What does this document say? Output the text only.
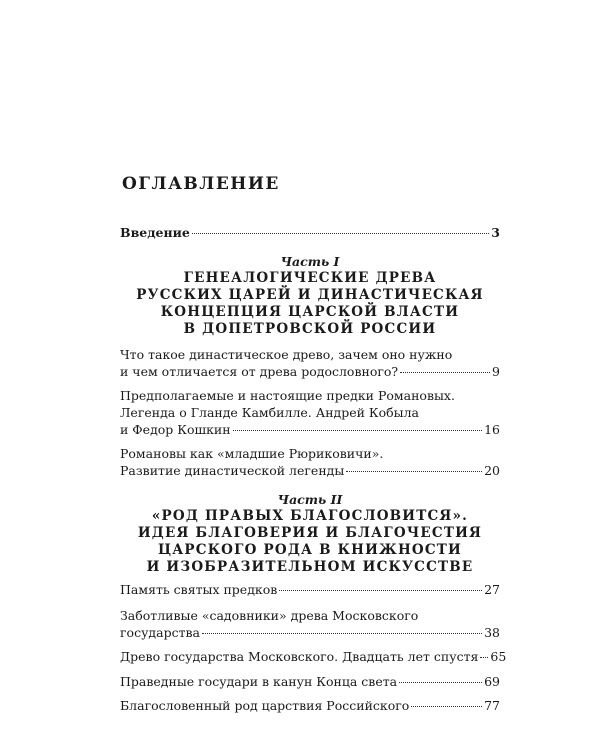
ОГЛАВЛЕНИЕ
Введение	3
Часть I
ГЕНЕАЛОГИЧЕСКИЕ ДРЕВА
РУССКИХ ЦАРЕЙ И ДИНАСТИЧЕСКАЯ
КОНЦЕПЦИЯ ЦАРСКОЙ ВЛАСТИ
В ДОПЕТРОВСКОЙ РОССИИ
Что такое династическое древо, зачем оно нужно
и чем отличается от древа родословного?	9
Предполагаемые и настоящие предки Романовых.
Легенда о Гланде Камбилле. Андрей Кобыла
и Федор Кошкин	16
Романовы как «младшие Рюриковичи».
Развитие династической легенды	20
Часть II
«РОД ПРАВЫХ БЛАГОСЛОВИТСЯ».
ИДЕЯ БЛАГОВЕРИЯ И БЛАГОЧЕСТИЯ
ЦАРСКОГО РОДА В КНИЖНОСТИ
И ИЗОБРАЗИТЕЛЬНОМ ИСКУССТВЕ
Память святых предков	27
Заботливые «садовники» древа Московского
государства	38
Древо государства Московского. Двадцать лет спустя 65
Праведные государи в канун Конца света	69
Благословенный род царствия Российского	77
